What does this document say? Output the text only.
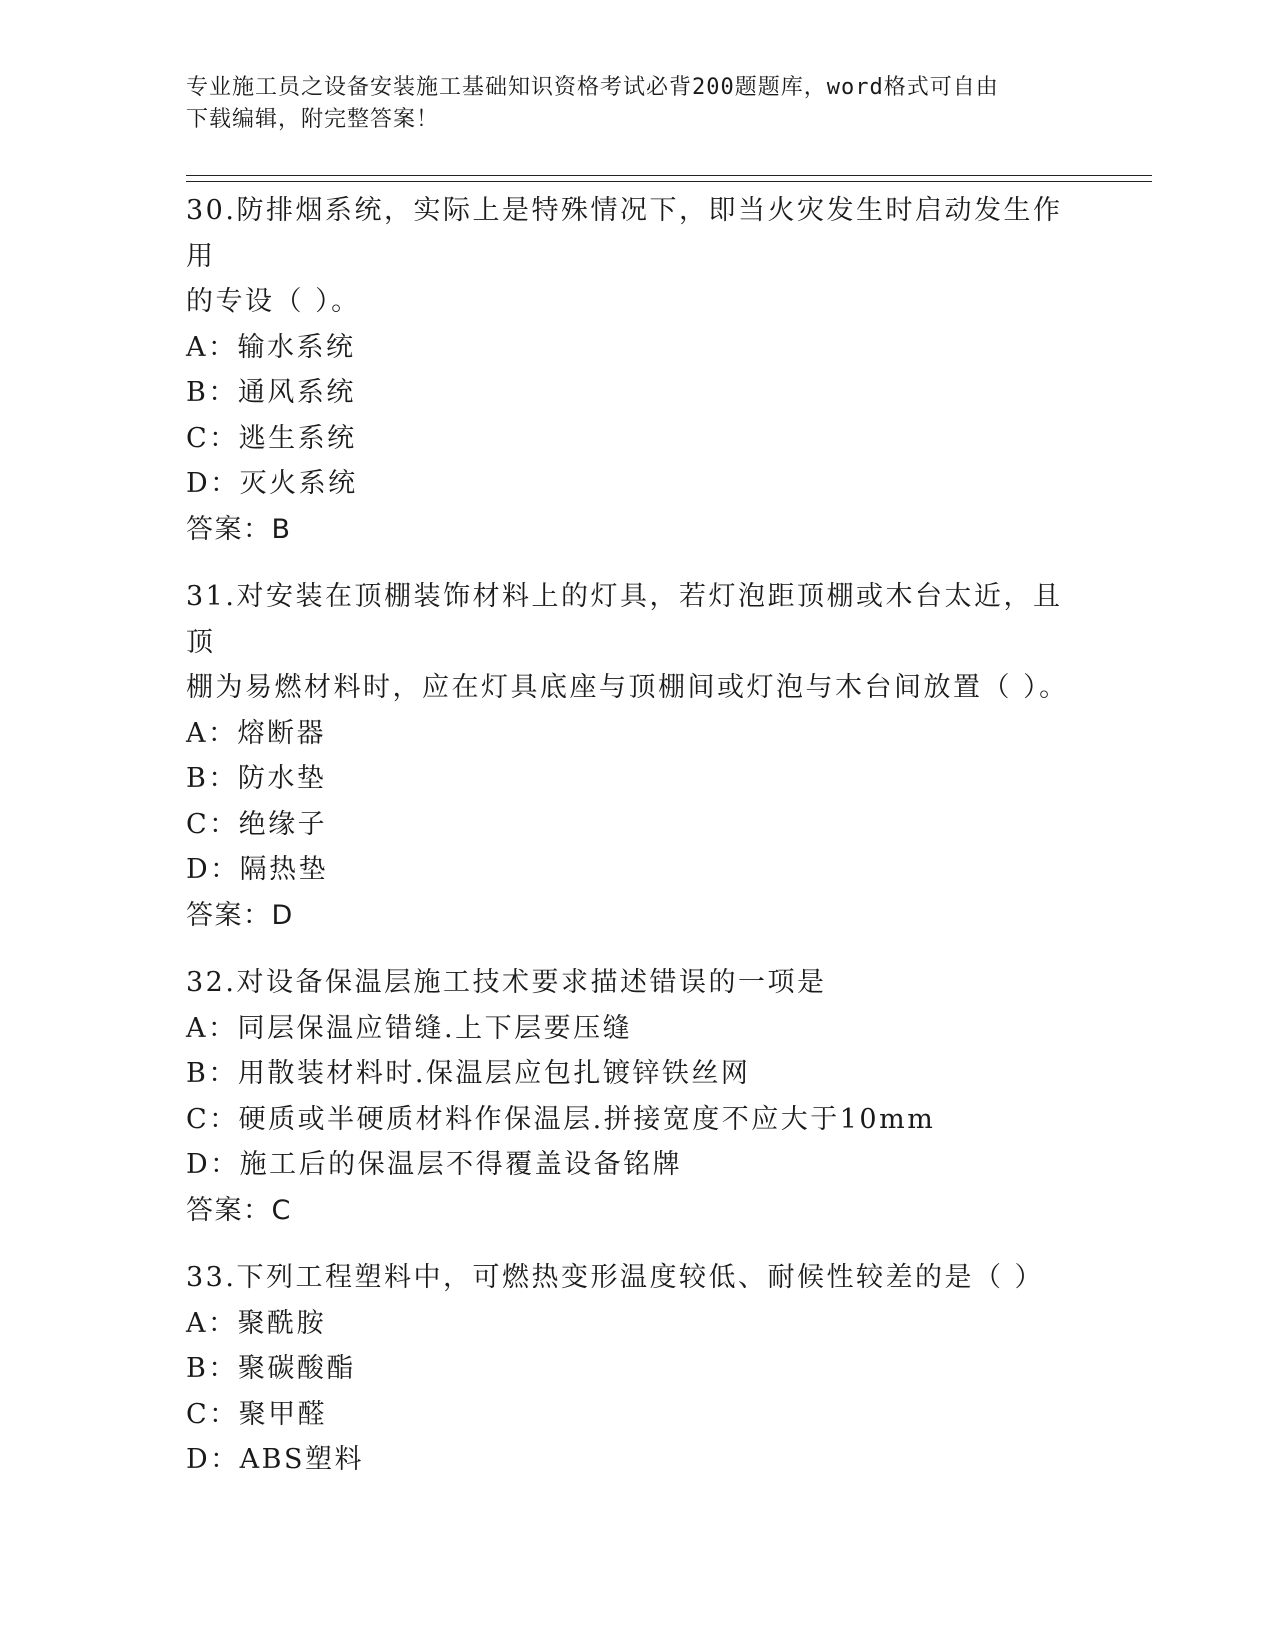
专业施工员之设备安装施工基础知识资格考试必背200题题库，word格式可自由
下载编辑，附完整答案！
30.防排烟系统，实际上是特殊情况下，即当火灾发生时启动发生作用
的专设（ ）。
A：输水系统
B：通风系统
C：逃生系统
D：灭火系统
答案：B
31.对安装在顶棚装饰材料上的灯具，若灯泡距顶棚或木台太近，且顶
棚为易燃材料时，应在灯具底座与顶棚间或灯泡与木台间放置（ ）。
A：熔断器
B：防水垫
C：绝缘子
D：隔热垫
答案：D
32.对设备保温层施工技术要求描述错误的一项是
A：同层保温应错缝.上下层要压缝
B：用散装材料时.保温层应包扎镀锌铁丝网
C：硬质或半硬质材料作保温层.拼接宽度不应大于10mm
D：施工后的保温层不得覆盖设备铭牌
答案：C
33.下列工程塑料中，可燃热变形温度较低、耐候性较差的是（ ）
A：聚酰胺
B：聚碳酸酯
C：聚甲醛
D：ABS塑料
